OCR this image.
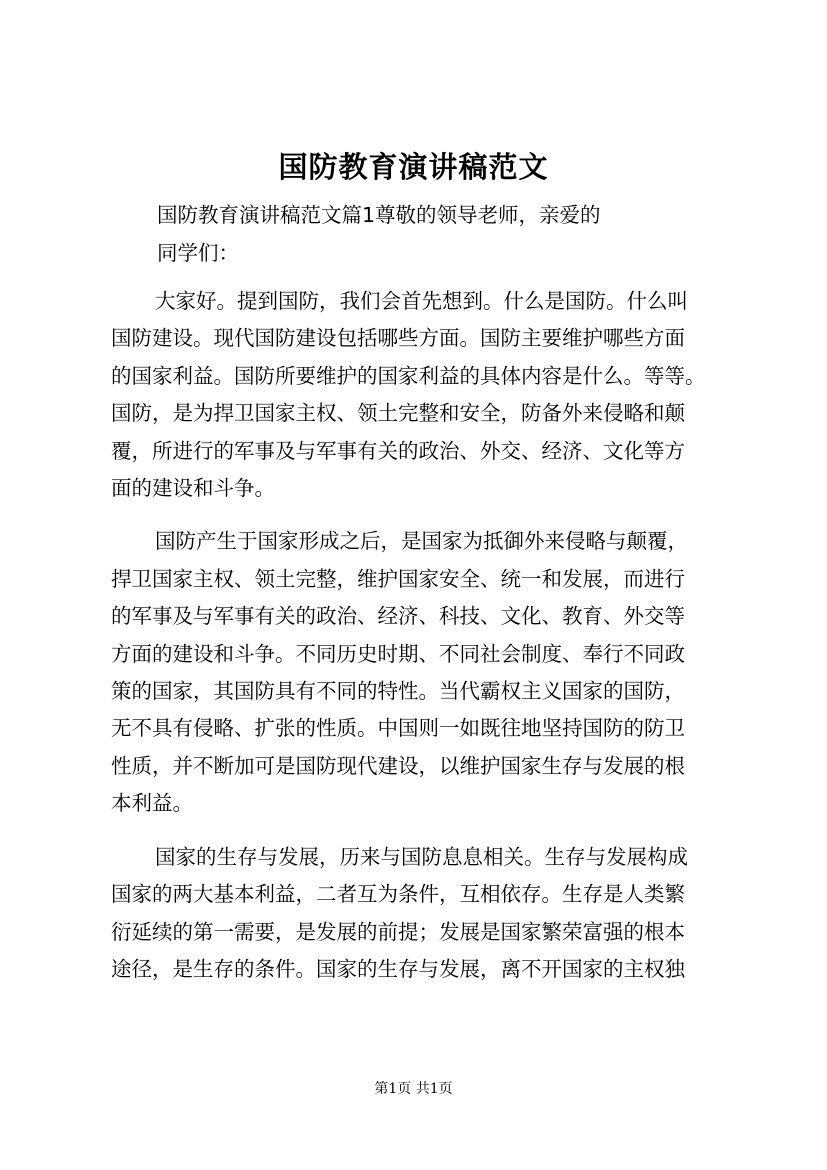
国防教育演讲稿范文
国防教育演讲稿范文篇1尊敬的领导老师，亲爱的
同学们：
大家好。提到国防，我们会首先想到。什么是国防。什么叫
国防建设。现代国防建设包括哪些方面。国防主要维护哪些方面
的国家利益。国防所要维护的国家利益的具体内容是什么。等等。
国防，是为捍卫国家主权、领土完整和安全，防备外来侵略和颠
覆，所进行的军事及与军事有关的政治、外交、经济、文化等方
面的建设和斗争。
国防产生于国家形成之后，是国家为抵御外来侵略与颠覆，
捍卫国家主权、领土完整，维护国家安全、统一和发展，而进行
的军事及与军事有关的政治、经济、科技、文化、教育、外交等
方面的建设和斗争。不同历史时期、不同社会制度、奉行不同政
策的国家，其国防具有不同的特性。当代霸权主义国家的国防，
无不具有侵略、扩张的性质。中国则一如既往地坚持国防的防卫
性质，并不断加可是国防现代建设，以维护国家生存与发展的根
本利益。
国家的生存与发展，历来与国防息息相关。生存与发展构成
国家的两大基本利益，二者互为条件，互相依存。生存是人类繁
衍延续的第一需要，是发展的前提；发展是国家繁荣富强的根本
途径，是生存的条件。国家的生存与发展，离不开国家的主权独
第1页 共1页
